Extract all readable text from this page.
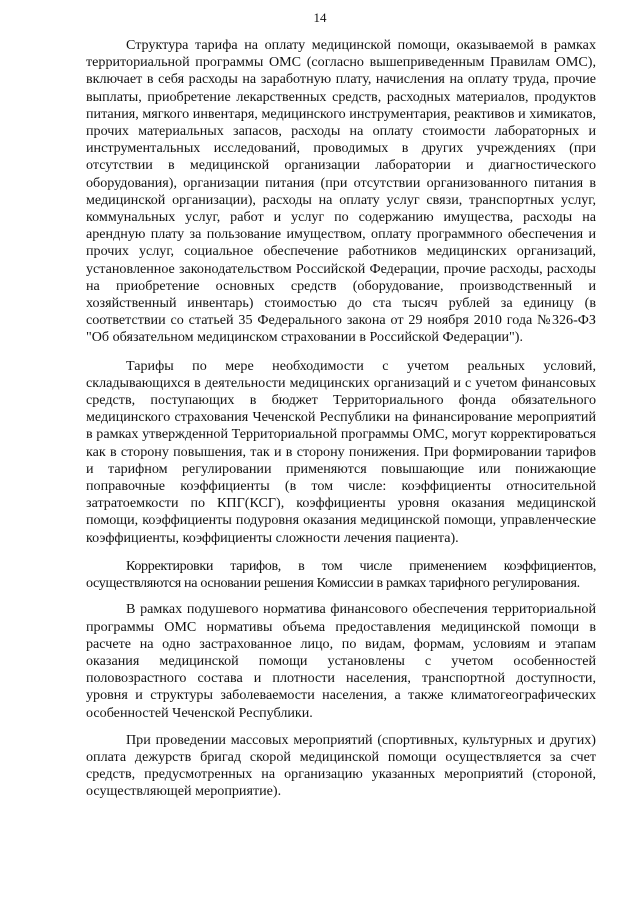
14

Структура тарифа на оплату медицинской помощи, оказываемой в рамках территориальной программы ОМС (согласно вышеприведенным Правилам ОМС), включает в себя расходы на заработную плату, начисления на оплату труда, прочие выплаты, приобретение лекарственных средств, расходных материалов, продуктов питания, мягкого инвентаря, медицинского инструментария, реактивов и химикатов, прочих материальных запасов, расходы на оплату стоимости лабораторных и инструментальных исследований, проводимых в других учреждениях (при отсутствии в медицинской организации лаборатории и диагностического оборудования), организации питания (при отсутствии организованного питания в медицинской организации), расходы на оплату услуг связи, транспортных услуг, коммунальных услуг, работ и услуг по содержанию имущества, расходы на арендную плату за пользование имуществом, оплату программного обеспечения и прочих услуг, социальное обеспечение работников медицинских организаций, установленное законодательством Российской Федерации, прочие расходы, расходы на приобретение основных средств (оборудование, производственный и хозяйственный инвентарь) стоимостью до ста тысяч рублей за единицу (в соответствии со статьей 35 Федерального закона от 29 ноября 2010 года №326-ФЗ "Об обязательном медицинском страховании в Российской Федерации").

Тарифы по мере необходимости с учетом реальных условий, складывающихся в деятельности медицинских организаций и с учетом финансовых средств, поступающих в бюджет Территориального фонда обязательного медицинского страхования Чеченской Республики на финансирование мероприятий в рамках утвержденной Территориальной программы ОМС, могут корректироваться как в сторону повышения, так и в сторону понижения. При формировании тарифов и тарифном регулировании применяются повышающие или понижающие поправочные коэффициенты (в том числе: коэффициенты относительной затратоемкости по КПГ(КСГ), коэффициенты уровня оказания медицинской помощи, коэффициенты подуровня оказания медицинской помощи, управленческие коэффициенты, коэффициенты сложности лечения пациента).

Корректировки тарифов, в том числе применением коэффициентов, осуществляются на основании решения Комиссии в рамках тарифного регулирования.

В рамках подушевого норматива финансового обеспечения территориальной программы ОМС нормативы объема предоставления медицинской помощи в расчете на одно застрахованное лицо, по видам, формам, условиям и этапам оказания медицинской помощи установлены с учетом особенностей половозрастного состава и плотности населения, транспортной доступности, уровня и структуры заболеваемости населения, а также климатогеографических особенностей Чеченской Республики.

При проведении массовых мероприятий (спортивных, культурных и других) оплата дежурств бригад скорой медицинской помощи осуществляется за счет средств, предусмотренных на организацию указанных мероприятий (стороной, осуществляющей мероприятие).
